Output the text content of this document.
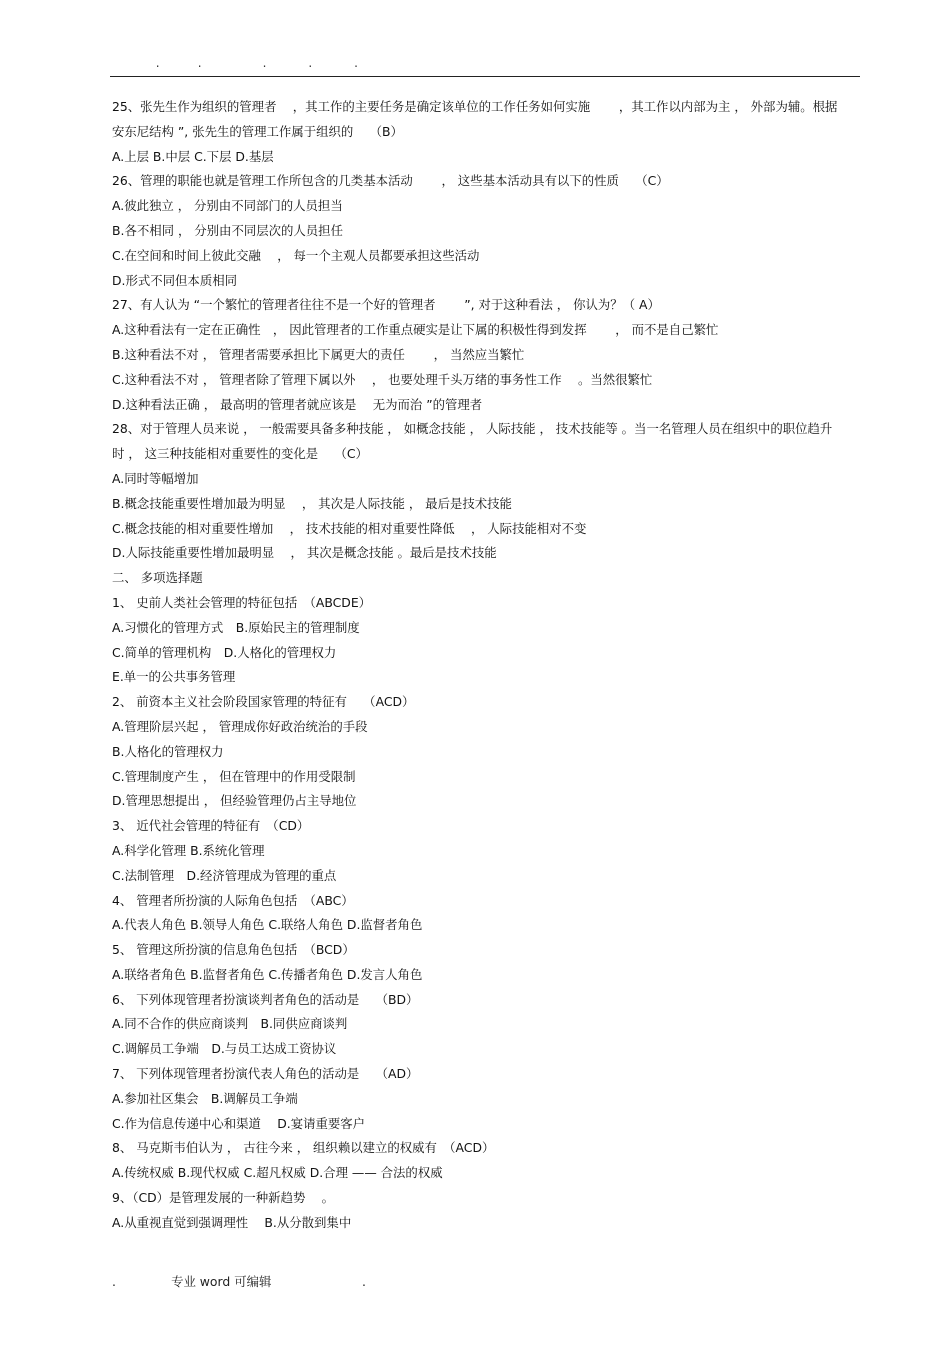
.          .                .           .           .
25、张先生作为组织的管理者　 ，其工作的主要任务是确定该单位的工作任务如何实施　　 ，其工作以内部为主 ， 外部为辅。根据 安东尼结构 ”, 张先生的管理工作属于组织的　 （B）
A.上层 B.中层 C.下层 D.基层
26、管理的职能也就是管理工作所包含的几类基本活动　　 ， 这些基本活动具有以下的性质　 （C）
A.彼此独立 ， 分别由不同部门的人员担当
B.各不相同 ， 分别由不同层次的人员担任
C.在空间和时间上彼此交融　 ， 每一个主观人员都要承担这些活动
D.形式不同但本质相同
27、有人认为 “一个繁忙的管理者往往不是一个好的管理者　　 ”, 对于这种看法 ， 你认为？（ A）
A.这种看法有一定在正确性　， 因此管理者的工作重点硬实是让下属的积极性得到发挥　　 ， 而不是自己繁忙
B.这种看法不对 ， 管理者需要承担比下属更大的责任　　 ， 当然应当繁忙
C.这种看法不对 ， 管理者除了管理下属以外　 ， 也要处理千头万绪的事务性工作　 。当然很繁忙
D.这种看法正确 ， 最高明的管理者就应该是　 无为而治 ”的管理者
28、对于管理人员来说 ， 一般需要具备多种技能 ， 如概念技能 ， 人际技能 ， 技术技能等 。当一名管理人员在组织中的职位趋升时 ， 这三种技能相对重要性的变化是　 （C）
A.同时等幅增加
B.概念技能重要性增加最为明显　 ， 其次是人际技能 ， 最后是技术技能
C.概念技能的相对重要性增加　 ， 技术技能的相对重要性降低　 ， 人际技能相对不变
D.人际技能重要性增加最明显　 ， 其次是概念技能 。最后是技术技能
二、 多项选择题
1、 史前人类社会管理的特征包括　（ABCDE）
A.习惯化的管理方式　B.原始民主的管理制度
C.简单的管理机构　D.人格化的管理权力
E.单一的公共事务管理
2、 前资本主义社会阶段国家管理的特征有　 （ACD）
A.管理阶层兴起 ， 管理成你好政治统治的手段
B.人格化的管理权力
C.管理制度产生 ， 但在管理中的作用受限制
D.管理思想提出 ， 但经验管理仍占主导地位
3、 近代社会管理的特征有　（CD）
A.科学化管理 B.系统化管理
C.法制管理　D.经济管理成为管理的重点
4、 管理者所扮演的人际角色包括　（ABC）
A.代表人角色 B.领导人角色 C.联络人角色 D.监督者角色
5、 管理这所扮演的信息角色包括　（BCD）
A.联络者角色 B.监督者角色 C.传播者角色 D.发言人角色
6、 下列体现管理者扮演谈判者角色的活动是　 （BD）
A.同不合作的供应商谈判　B.同供应商谈判
C.调解员工争端　D.与员工达成工资协议
7、 下列体现管理者扮演代表人角色的活动是　 （AD）
A.参加社区集会　B.调解员工争端
C.作为信息传递中心和渠道　 D.宴请重要客户
8、 马克斯韦伯认为 ， 古往今来 ， 组织赖以建立的权威有　（ACD）
A.传统权威 B.现代权威 C.超凡权威 D.合理 —— 合法的权威
9、（CD）是管理发展的一种新趋势　 。
A.从重视直觉到强调理性　 B.从分散到集中
.              专业 word 可编辑                       .
